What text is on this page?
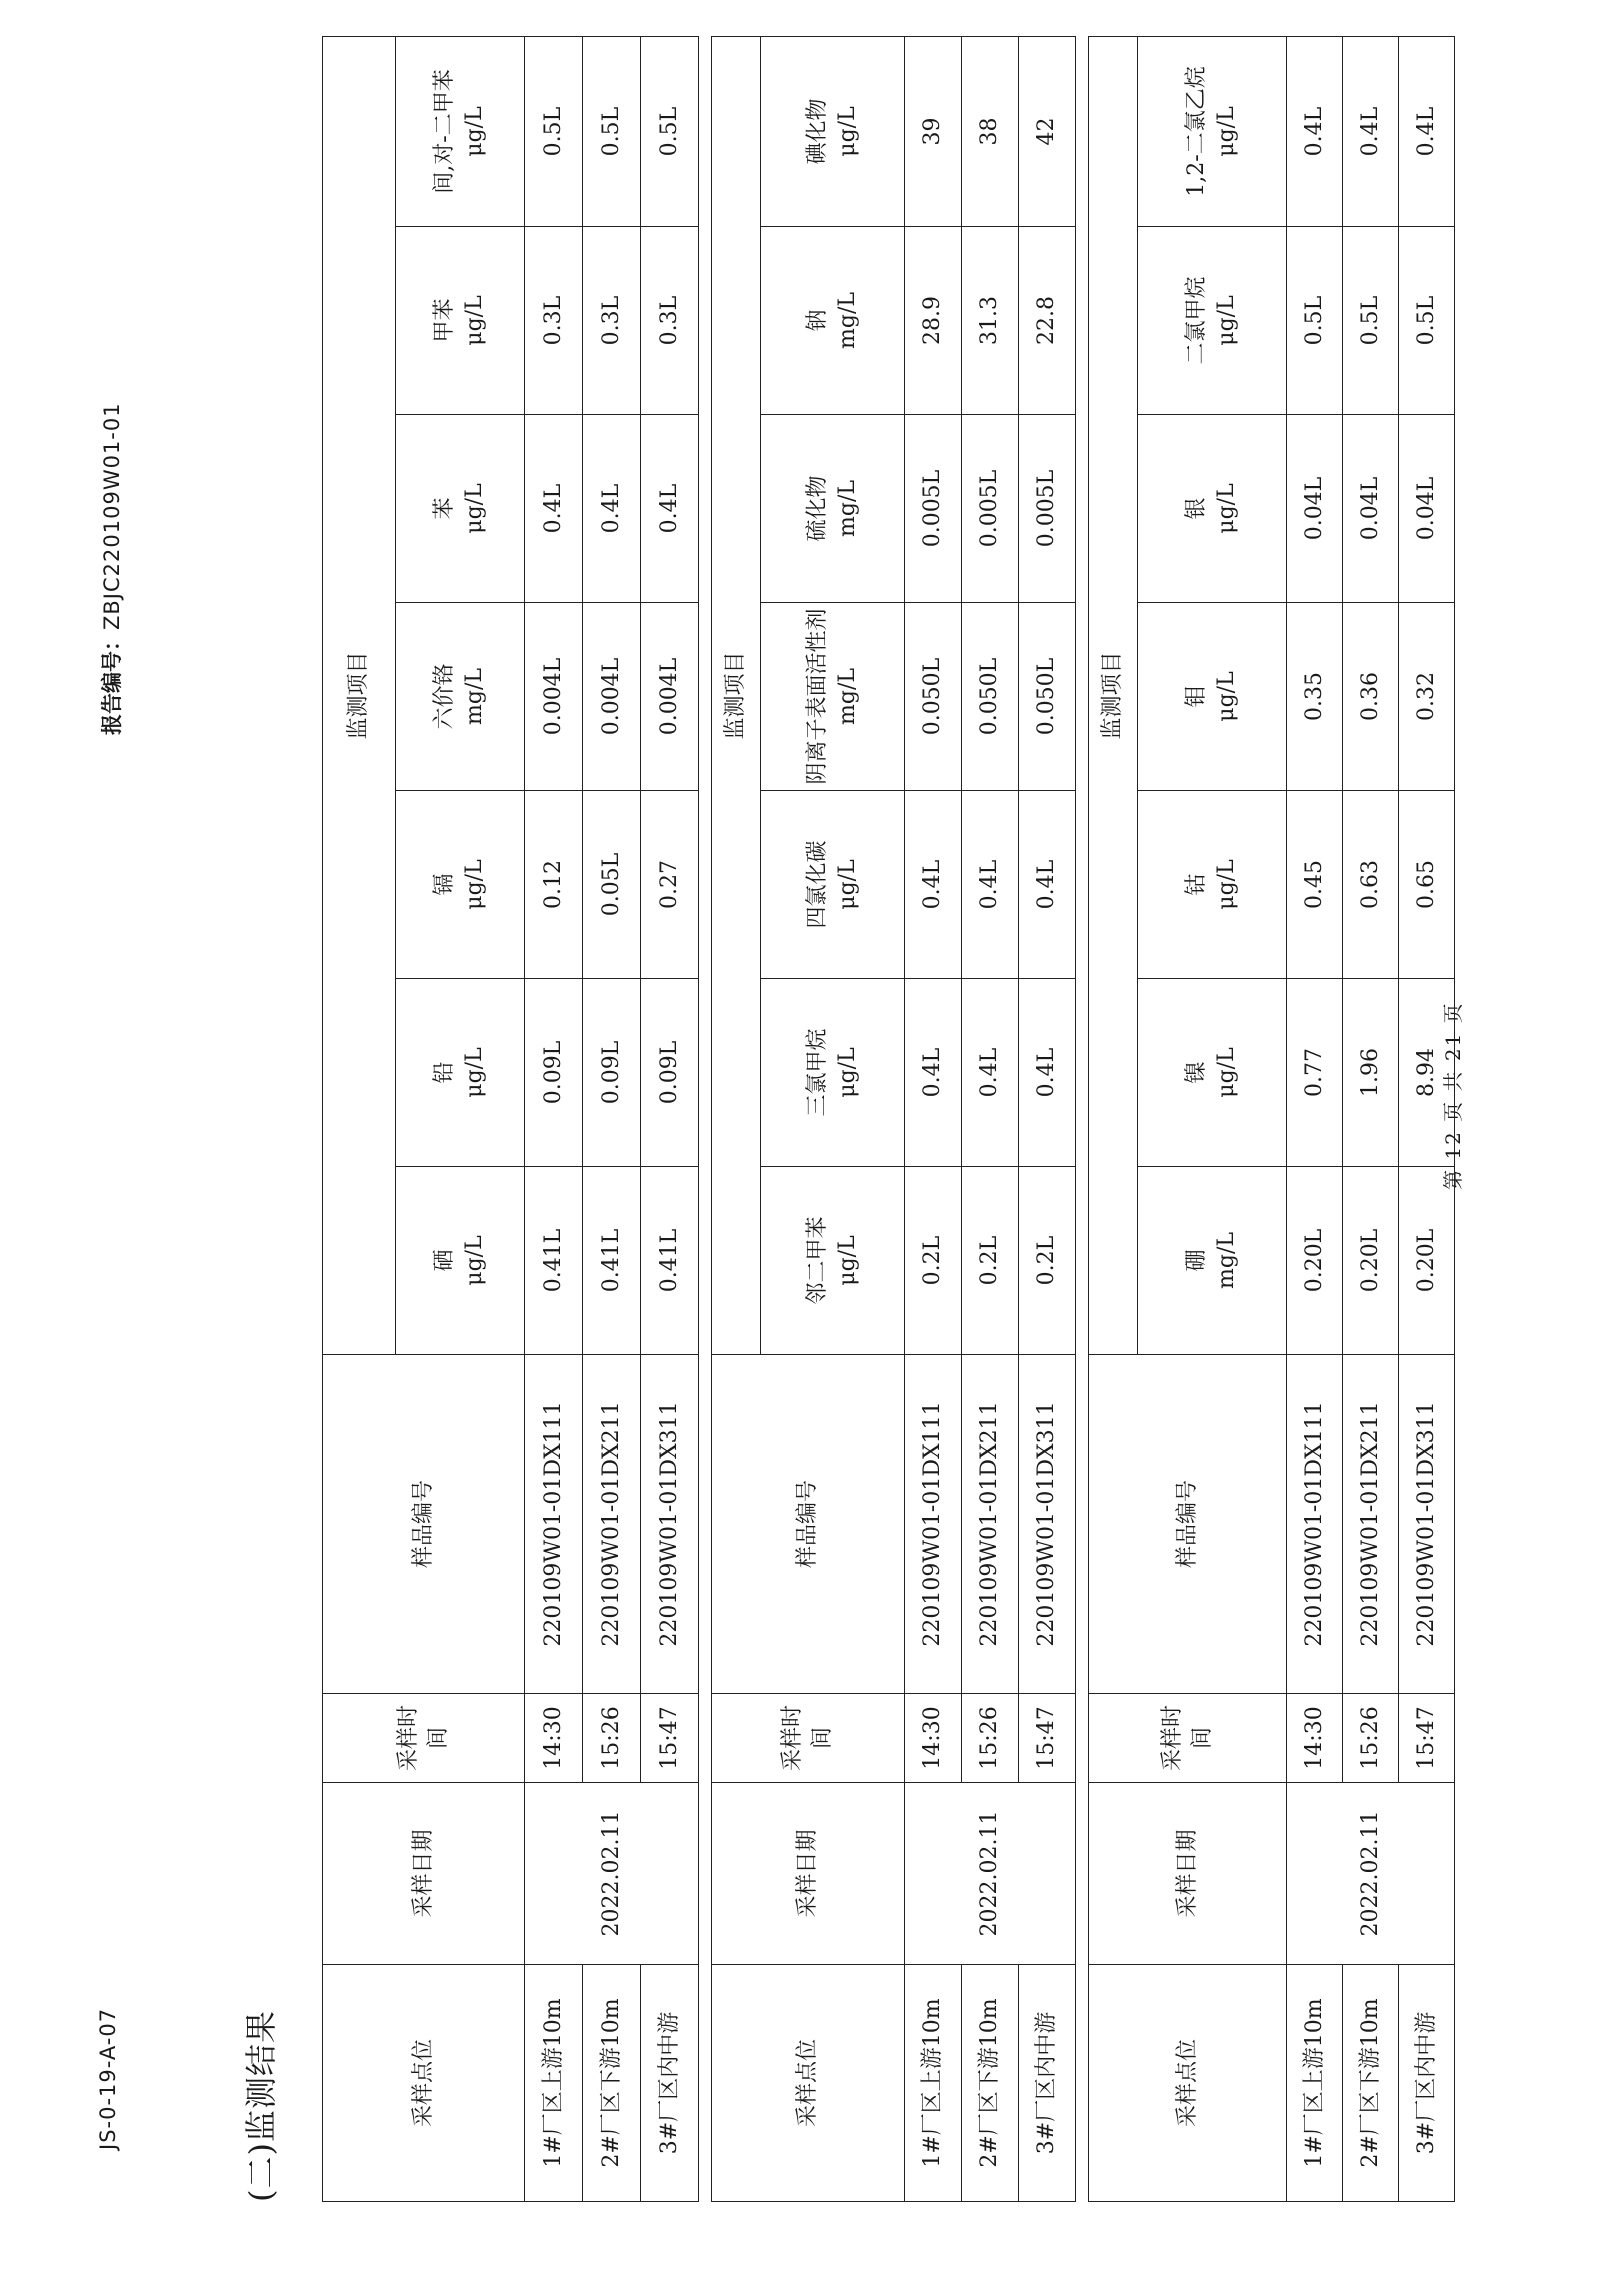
JS-0-19-A-07
报告编号：ZBJC220109W01-01
(二)监测结果	采样点位	采样日期	采样时间	样品编号	监测项目						

				硒 μg/L	铅 μg/L	镉 μg/L	六价铬 mg/L	苯 μg/L	甲苯 μg/L	间,对-二甲苯 μg/L

1#厂区上游10m	2022.02.11	14:30	220109W01-01DX111	0.41L	0.09L	0.12	0.004L	0.4L	0.3L	0.5L
2#厂区下游10m		15:26	220109W01-01DX211	0.41L	0.09L	0.05L	0.004L	0.4L	0.3L	0.5L
3#厂区内中游		15:47	220109W01-01DX311	0.41L	0.09L	0.27	0.004L	0.4L	0.3L	0.5L

采样点位	采样日期	采样时间	样品编号	监测项目						

				邻二甲苯 μg/L	三氯甲烷 μg/L	四氯化碳 μg/L	阴离子表面活性剂 mg/L	硫化物 mg/L	钠 mg/L	碘化物 μg/L

1#厂区上游10m	2022.02.11	14:30	220109W01-01DX111	0.2L	0.4L	0.4L	0.050L	0.005L	28.9	39
2#厂区下游10m		15:26	220109W01-01DX211	0.2L	0.4L	0.4L	0.050L	0.005L	31.3	38
3#厂区内中游		15:47	220109W01-01DX311	0.2L	0.4L	0.4L	0.050L	0.005L	22.8	42

采样点位	采样日期	采样时间	样品编号	监测项目						

				硼 mg/L	镍 μg/L	钴 μg/L	钼 μg/L	银 μg/L	二氯甲烷 μg/L	1,2-二氯乙烷 μg/L

1#厂区上游10m	2022.02.11	14:30	220109W01-01DX111	0.20L	0.77	0.45	0.35	0.04L	0.5L	0.4L
2#厂区下游10m		15:26	220109W01-01DX211	0.20L	1.96	0.63	0.36	0.04L	0.5L	0.4L
3#厂区内中游		15:47	220109W01-01DX311	0.20L	8.94	0.65	0.32	0.04L	0.5L	0.4L
第 12 页 共 21 页
